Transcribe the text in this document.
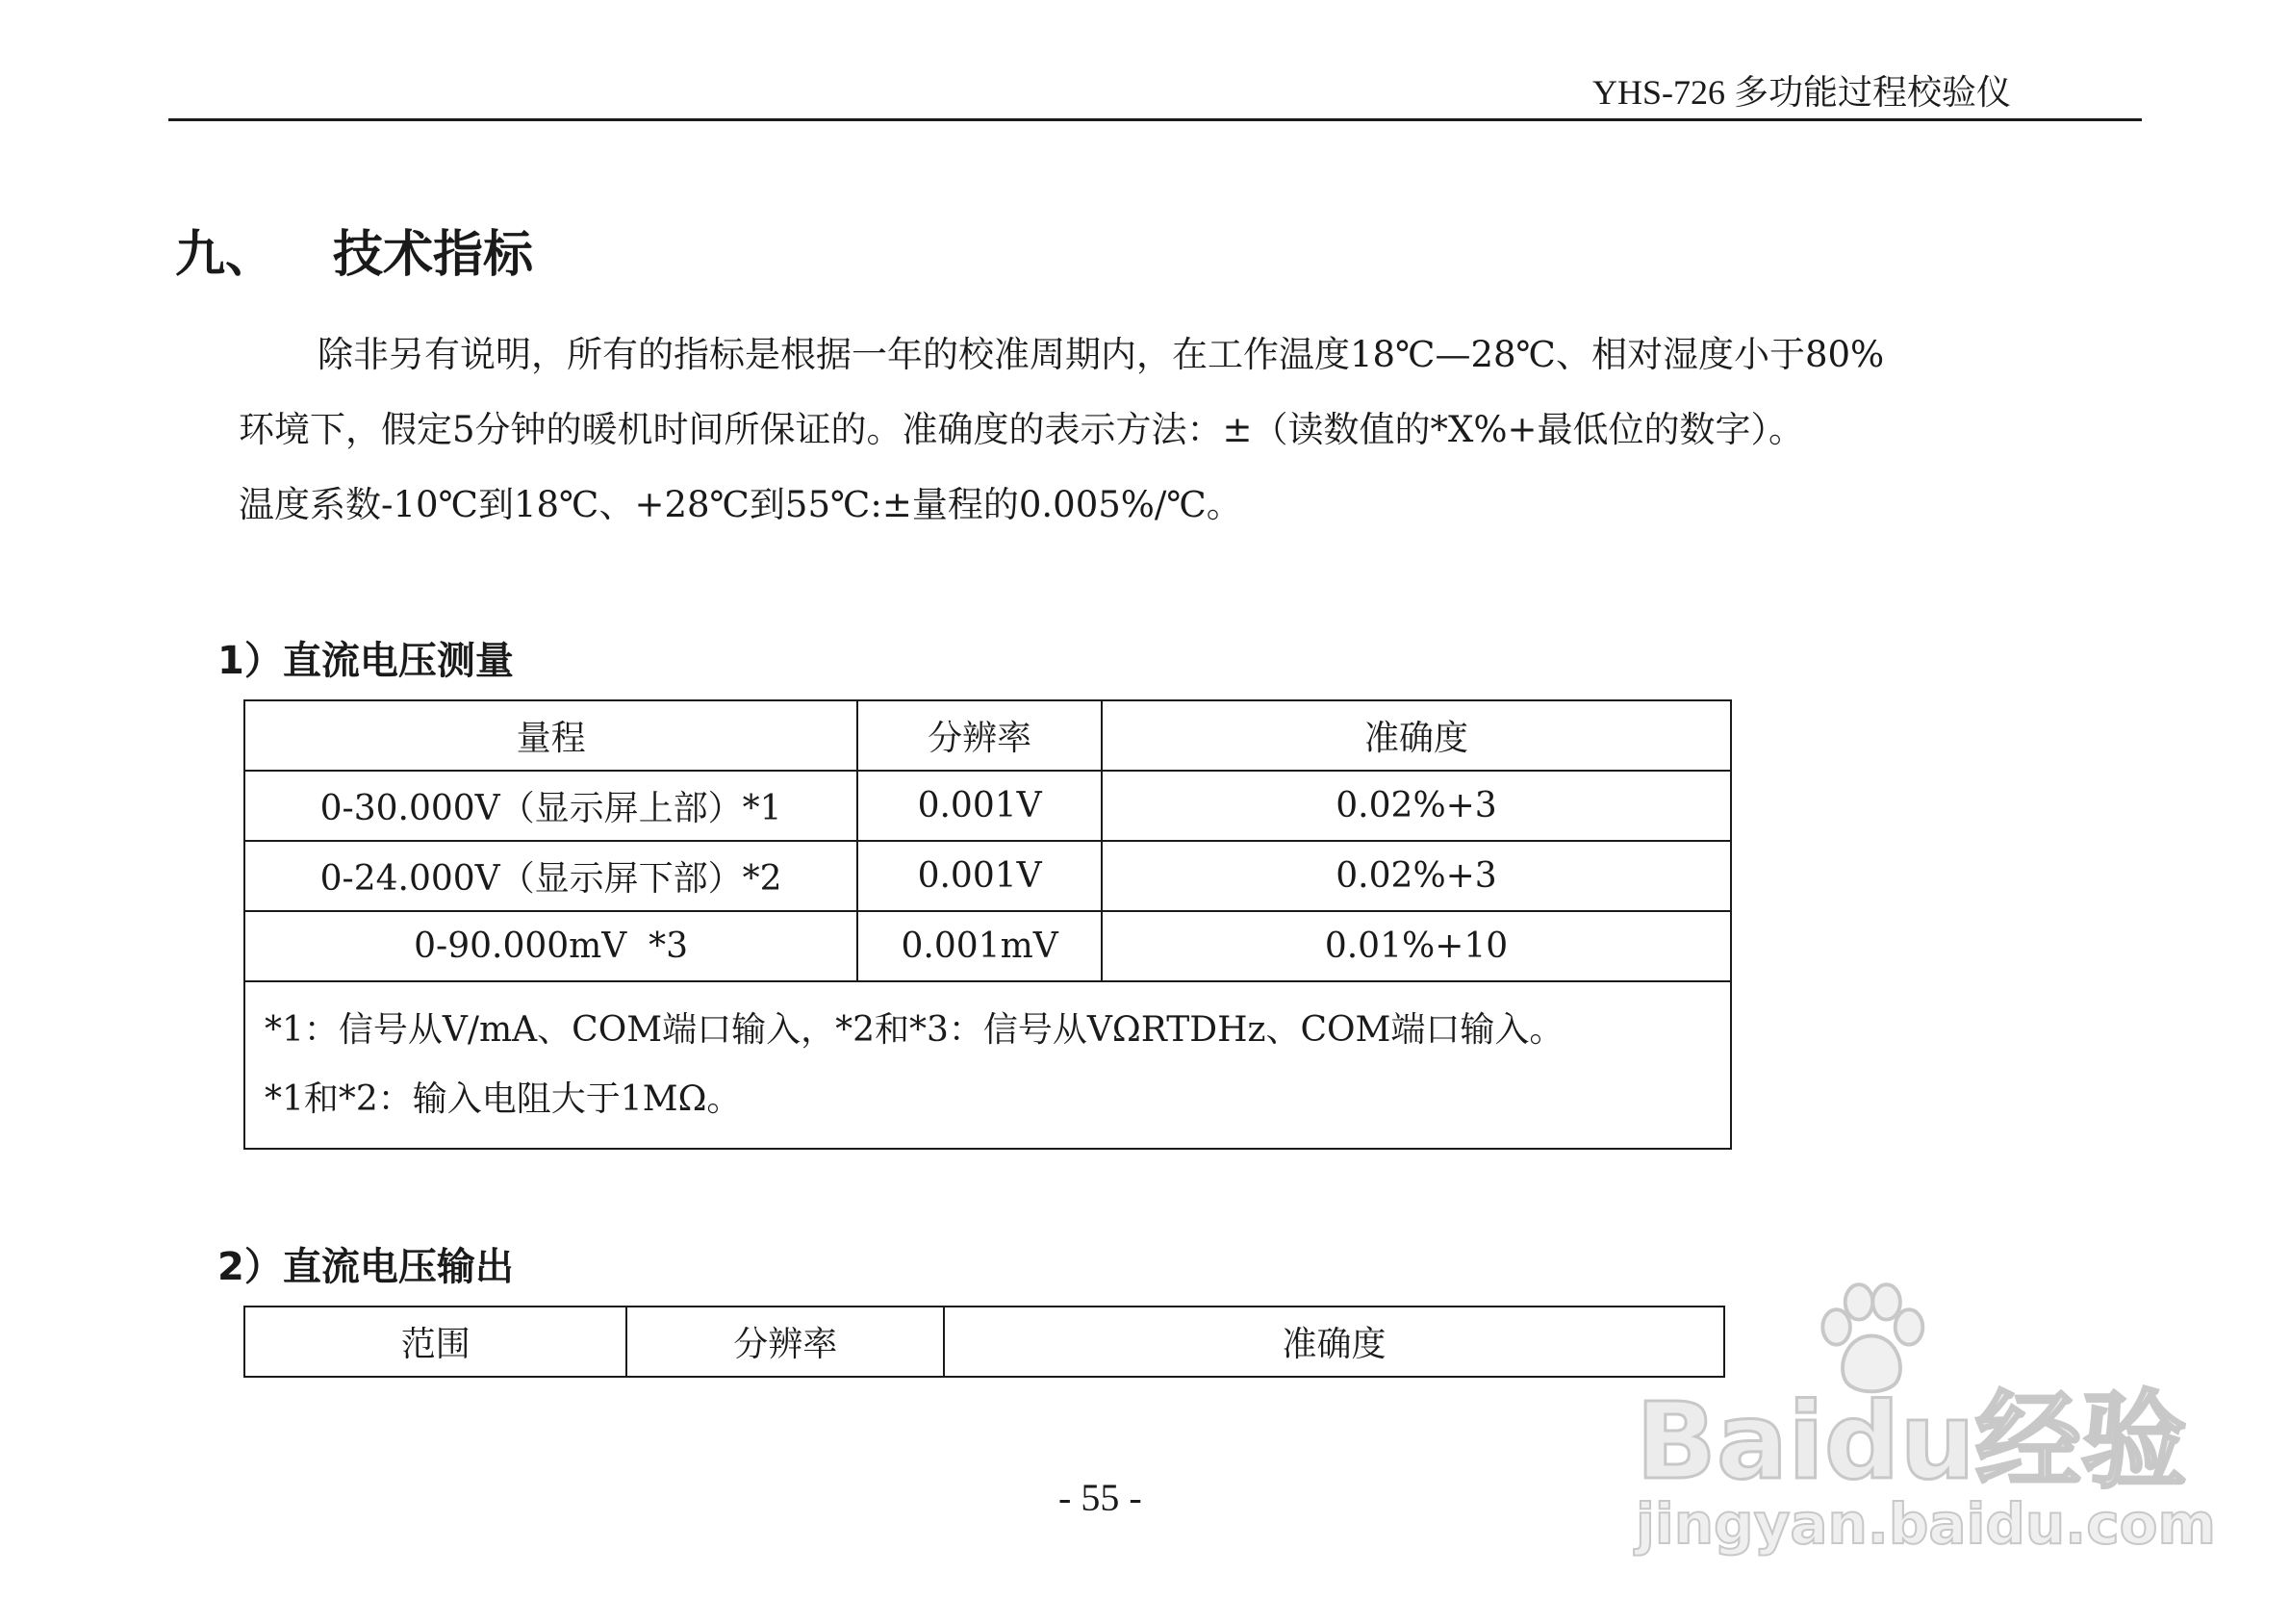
YHS-726 多功能过程校验仪
九、 技术指标

除非另有说明，所有的指标是根据一年的校准周期内，在工作温度18℃—28℃、相对湿度小于80%

环境下，假定5分钟的暖机时间所保证的。准确度的表示方法：±（读数值的*X%+最低位的数字）。

温度系数-10℃到18℃、+28℃到55℃:±量程的0.005%/℃。

1）直流电压测量
量程	分辨率	准确度
0-30.000V（显示屏上部）*1	0.001V	0.02%+3
0-24.000V（显示屏下部）*2	0.001V	0.02%+3
0-90.000mV  *3	0.001mV	0.01%+10

*1：信号从V/mA、COM端口输入，*2和*3：信号从VΩRTDHz、COM端口输入。
*1和*2：输入电阻大于1MΩ。		
2）直流电压输出
范围	分辨率	准确度
- 55 -	Baidu经验
jingyan.baidu.com
